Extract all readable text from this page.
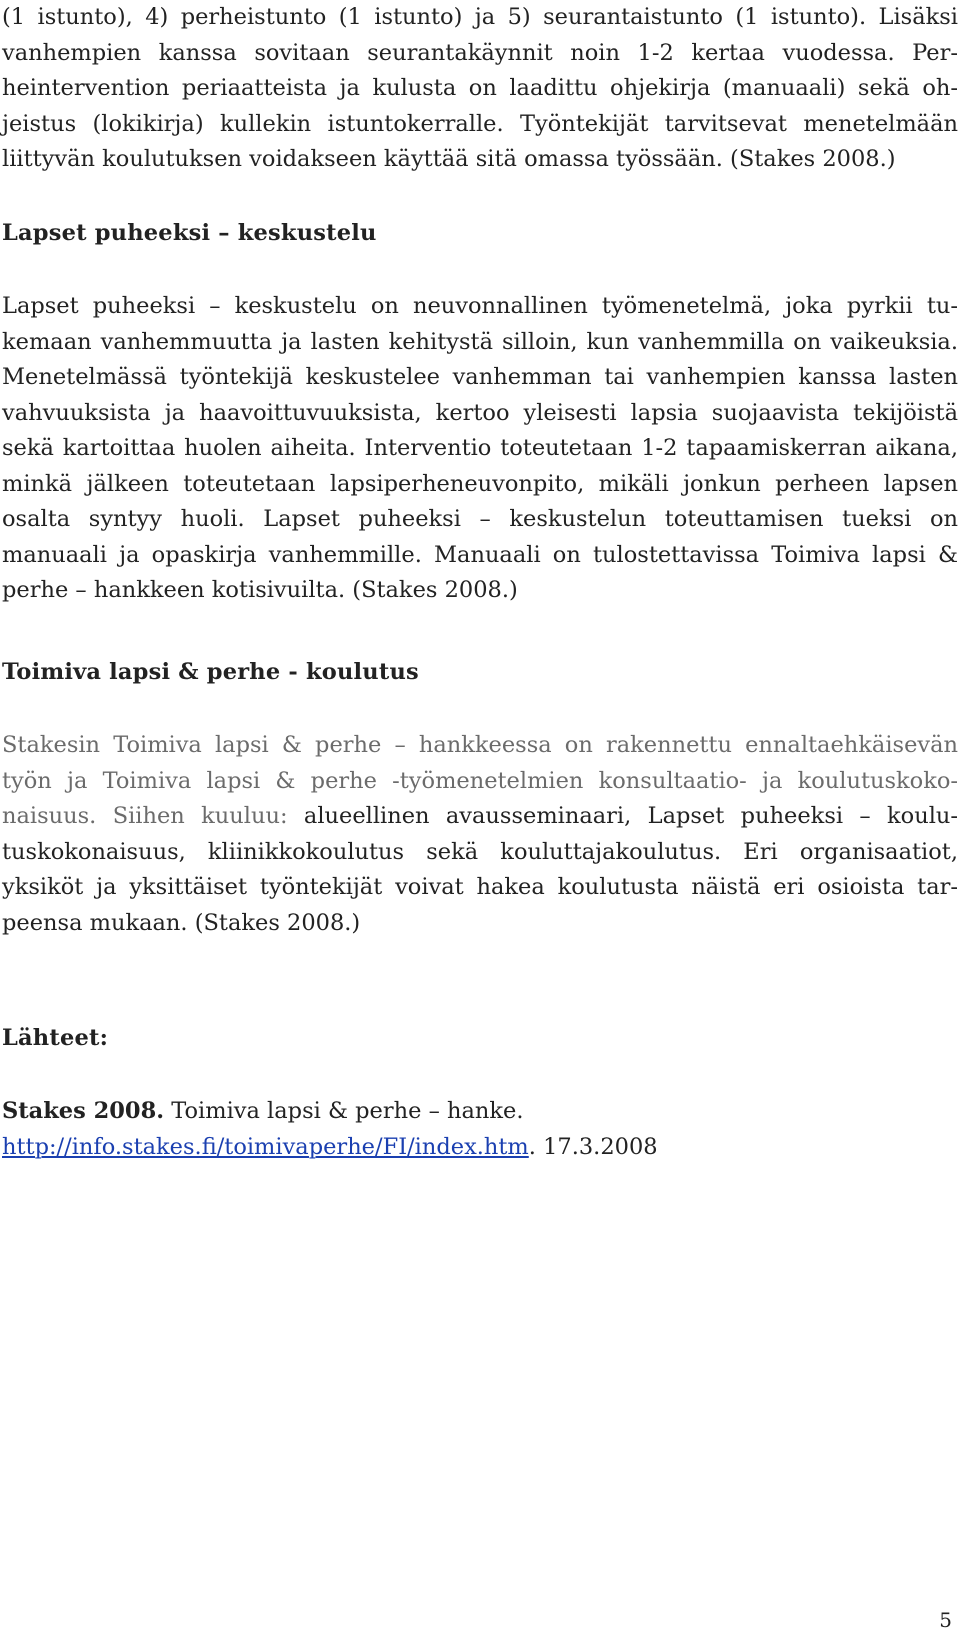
(1 istunto), 4) perheistunto (1 istunto) ja 5) seurantaistunto (1 istunto). Lisäksi vanhempien kanssa sovitaan seurantakäynnit noin 1-2 kertaa vuodessa. Perheintervention periaatteista ja kulusta on laadittu ohjekirja (manuaali) sekä ohjeistus (lokikirja) kullekin istuntokerralle. Työntekijät tarvitsevat menetelmään liittyvän koulutuksen voidakseen käyttää sitä omassa työssään. (Stakes 2008.)

Lapset puheeksi – keskustelu

Lapset puheeksi – keskustelu on neuvonnallinen työmenetelmä, joka pyrkii tukemaan vanhemmuutta ja lasten kehitystä silloin, kun vanhemmilla on vaikeuksia. Menetelmässä työntekijä keskustelee vanhemman tai vanhempien kanssa lasten vahvuuksista ja haavoittuvuuksista, kertoo yleisesti lapsia suojaavista tekijöistä sekä kartoittaa huolen aiheita. Interventio toteutetaan 1-2 tapaamiskerran aikana, minkä jälkeen toteutetaan lapsiperheneuvonpito, mikäli jonkun perheen lapsen osalta syntyy huoli. Lapset puheeksi – keskustelun toteuttamisen tueksi on manuaali ja opaskirja vanhemmille. Manuaali on tulostettavissa Toimiva lapsi & perhe – hankkeen kotisivuilta. (Stakes 2008.)

Toimiva lapsi & perhe - koulutus

Stakesin Toimiva lapsi & perhe – hankkeessa on rakennettu ennaltaehkäisevän työn ja Toimiva lapsi & perhe -työmenetelmien konsultaatio- ja koulutuskokonaisuus. Siihen kuuluu: alueellinen avausseminaari, Lapset puheeksi – koulutuskokonaisuus, kliinikkokoulutus sekä kouluttajakoulutus. Eri organisaatiot, yksiköt ja yksittäiset työntekijät voivat hakea koulutusta näistä eri osioista tarpeensa mukaan. (Stakes 2008.)

Lähteet:
Stakes 2008. Toimiva lapsi & perhe – hanke.
http://info.stakes.fi/toimivaperhe/FI/index.htm. 17.3.2008
5
